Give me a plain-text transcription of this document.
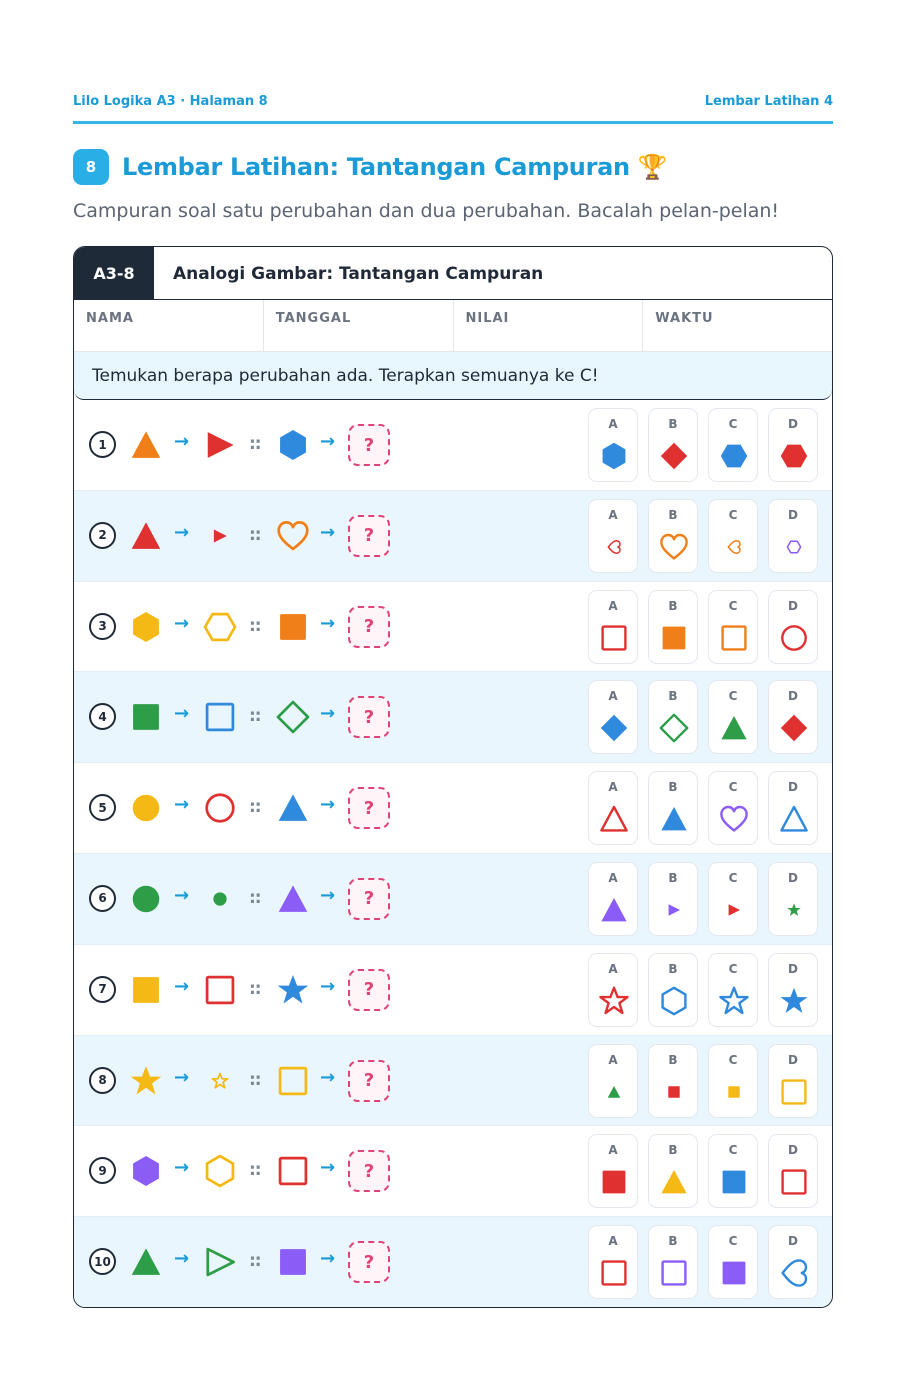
Lilo Logika A3 · Halaman 8	Lembar Latihan 4
8	Lembar Latihan: Tantangan Campuran 🏆
Campuran soal satu perubahan dan dua perubahan. Bacalah pelan-pelan!
A3-8	Analogi Gambar: Tantangan Campuran
NAMA	TANGGAL	NILAI	WAKTU
Temukan berapa perubahan ada. Terapkan semuanya ke C!
1	→	::	→	?
A	B	C	D
2	→	::	→	?
A	B	C	D
3	→	::	→	?
A	B	C	D
4	→	::	→	?
A	B	C	D
5	→	::	→	?
A	B	C	D
6	→	::	→	?
A	B	C	D
7	→	::	→	?
A	B	C	D
8	→	::	→	?
A	B	C	D
9	→	::	→	?
A	B	C	D
10	→	::	→	?
A	B	C	D
